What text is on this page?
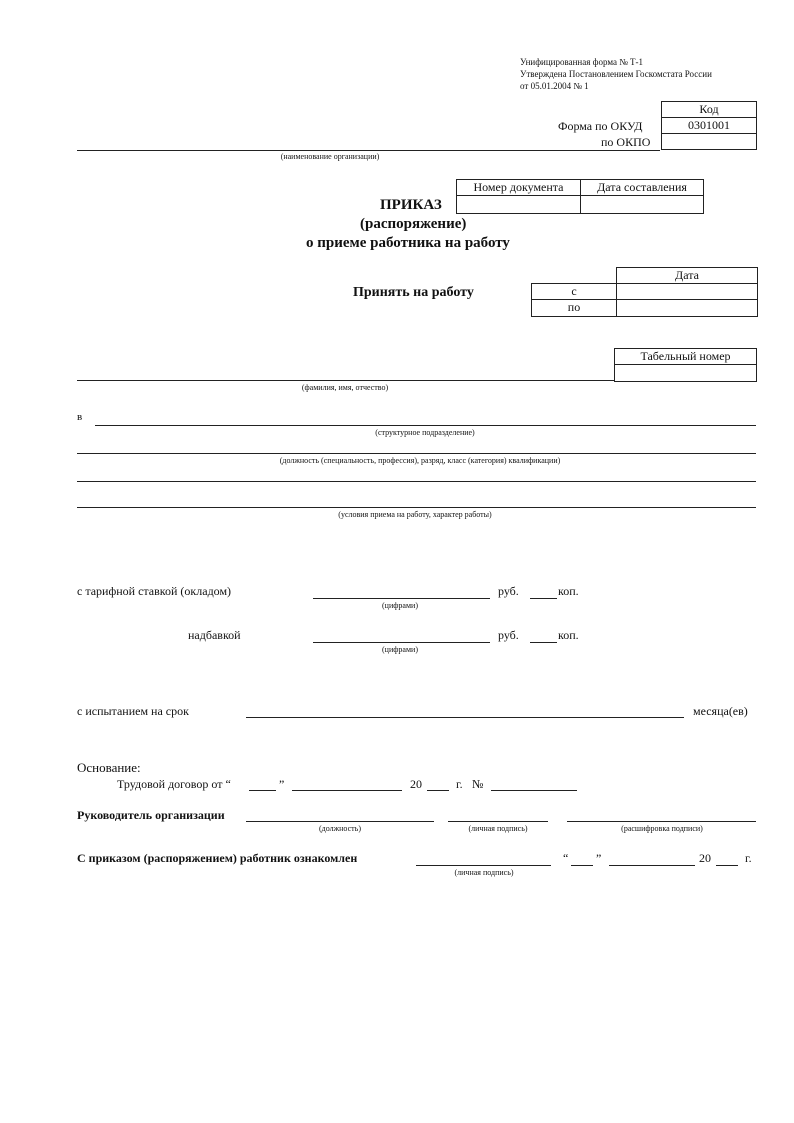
Унифицированная форма № Т-1
Утверждена Постановлением Госкомстата России
от 05.01.2004 № 1
Код
0301001
Форма по ОКУД
по ОКПО
(наименование организации)
Номер документа	Дата составления
ПРИКАЗ
(распоряжение)
о приеме работника на работу
Принять на работу
Дата
с
по
Табельный номер
(фамилия, имя, отчество)
в
(структурное подразделение)
(должность (специальность, профессия), разряд, класс (категория) квалификации)
(условия приема на работу, характер работы)
с тарифной ставкой (окладом)	руб.	коп.
(цифрами)
надбавкой	руб.	коп.
(цифрами)
с испытанием на срок	месяца(ев)
Основание:
Трудовой договор от “	”	20	г. №
Руководитель организации
(должность)	(личная подпись)	(расшифровка подписи)
С приказом (распоряжением) работник ознакомлен
(личная подпись)
“ ”	20	г.
